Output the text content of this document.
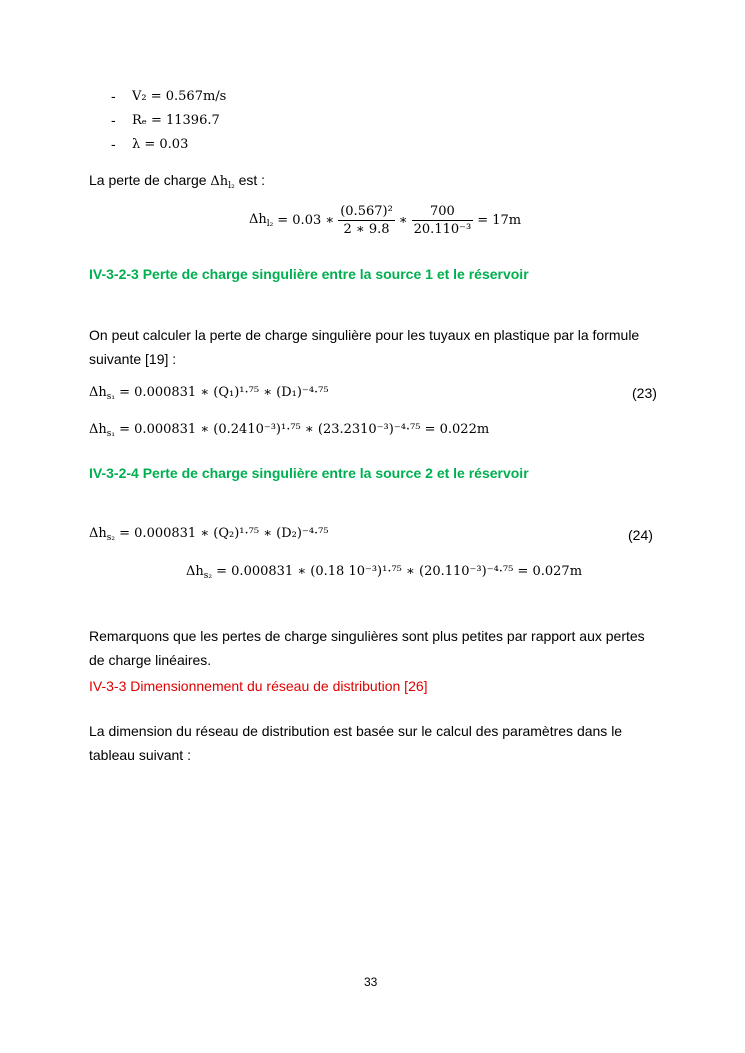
- V₂ = 0.567m/s
- Rₑ = 11396.7
- λ = 0.03
La perte de charge $\Delta h_{l_2}$ est :
$\Delta h_{l_2} = 0.03$ ∗ $\frac{\text{(0.567)²}}{2 ∗ 9.8}$ ∗ $\frac{700}{\text{20.110⁻³}} = 17m$
IV-3-2-3 Perte de charge singulière entre la source 1 et le réservoir
On peut calculer la perte de charge singulière pour les tuyaux en plastique par la formule
suivante [19] :
$\Delta h_{s_1} = 0.000831$ ∗ (Q₁)¹·⁷⁵ ∗ (D₁)⁻⁴·⁷⁵	(23)
$\Delta h_{s_1} = 0.000831$ ∗ (0.2410⁻³)¹·⁷⁵ ∗ (23.2310⁻³)⁻⁴·⁷⁵ = 0.022m
IV-3-2-4 Perte de charge singulière entre la source 2 et le réservoir
$\Delta h_{s_2} = 0.000831$ ∗ (Q₂)¹·⁷⁵ ∗ (D₂)⁻⁴·⁷⁵	(24)
$\Delta h_{s_2} = 0.000831$ ∗ (0.18 10⁻³)¹·⁷⁵ ∗ (20.110⁻³)⁻⁴·⁷⁵ = 0.027m
Remarquons que les pertes de charge singulières sont plus petites par rapport aux pertes
de charge linéaires.
IV-3-3 Dimensionnement du réseau de distribution [26]
La dimension du réseau de distribution est basée sur le calcul des paramètres dans le
tableau suivant :
33
